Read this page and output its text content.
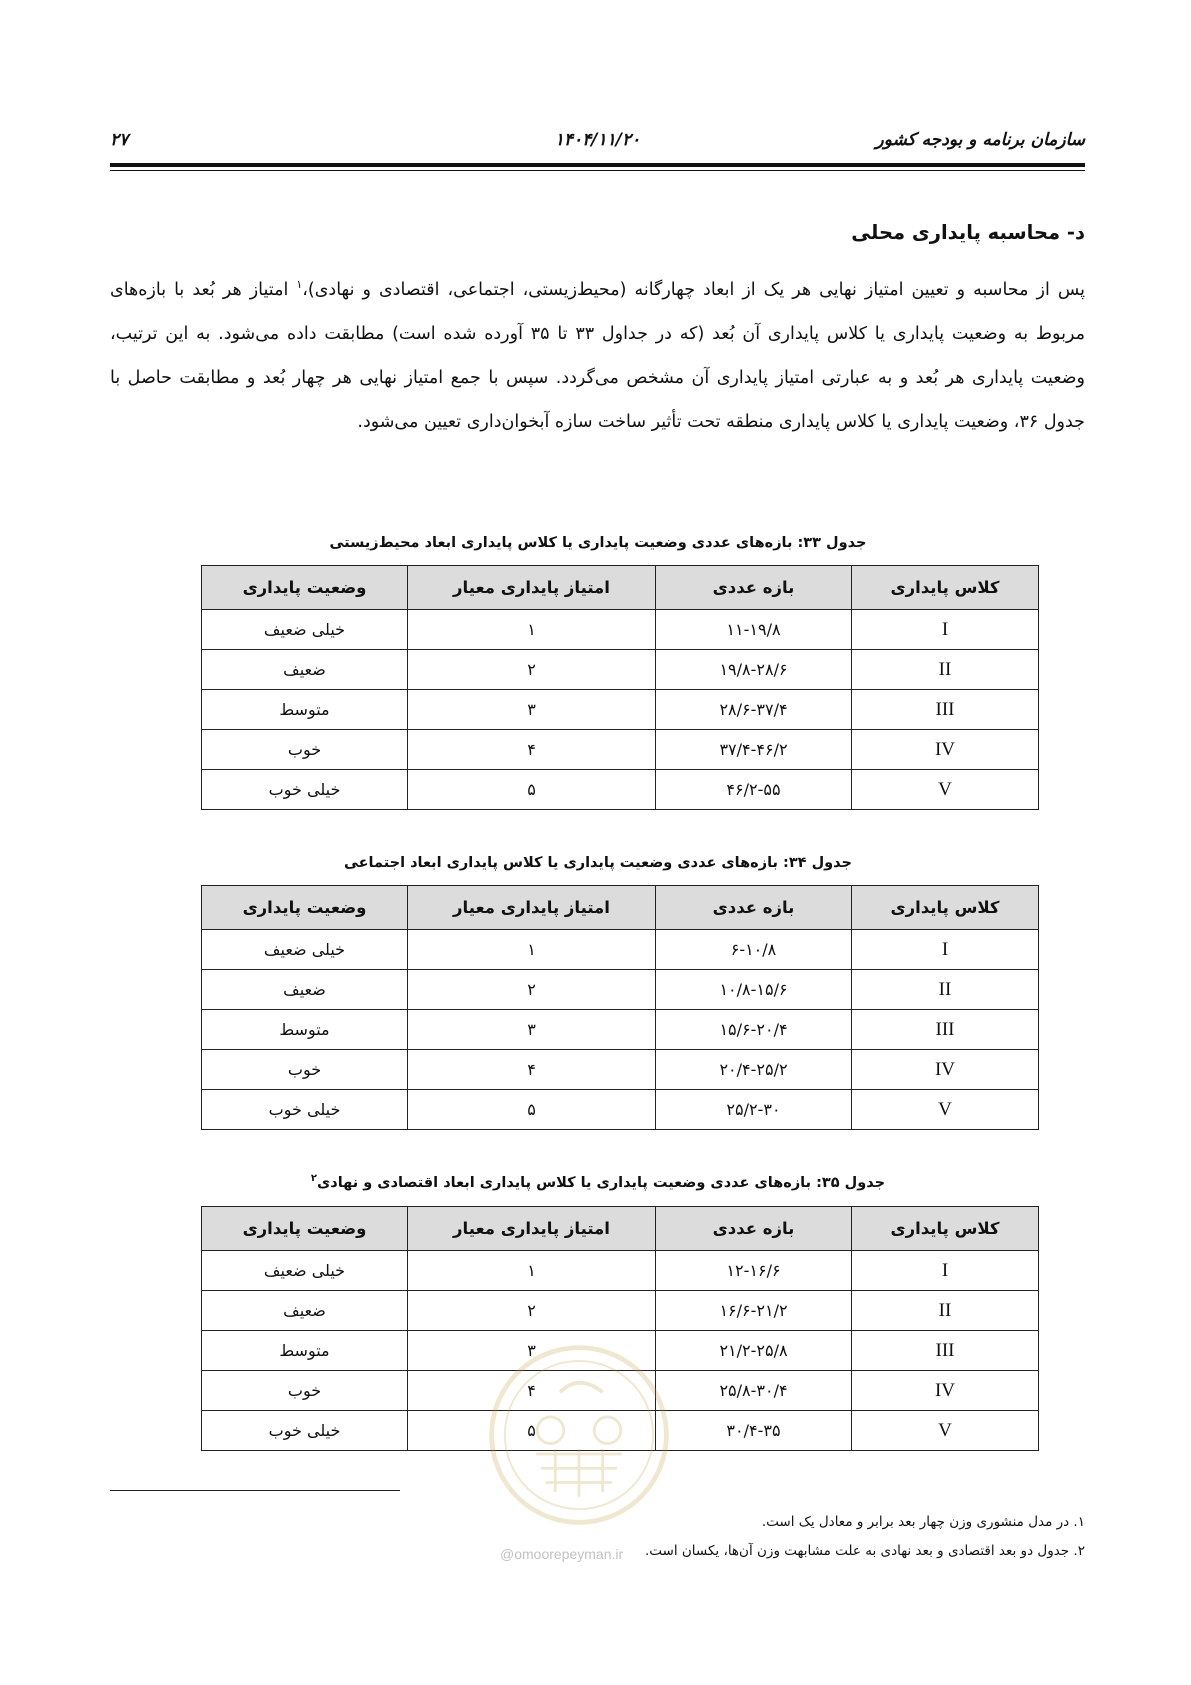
سازمان برنامه و بودجه کشور
۱۴۰۴/۱۱/۲۰
۲۷
د- محاسبه پایداری محلی
پس از محاسبه و تعیین امتیاز نهایی هر یک از ابعاد چهارگانه (محیط‌زیستی، اجتماعی، اقتصادی و نهادی)،$^۱$ امتیاز هر بُعد با بازه‌های مربوط به وضعیت پایداری یا کلاس پایداری آن بُعد (که در جداول ۳۳ تا ۳۵ آورده شده است) مطابقت داده می‌شود. به این ترتیب، وضعیت پایداری هر بُعد و به عبارتی امتیاز پایداری آن مشخص می‌گردد. سپس با جمع امتیاز نهایی هر چهار بُعد و مطابقت حاصل با جدول ۳۶، وضعیت پایداری یا کلاس پایداری منطقه تحت تأثیر ساخت سازه آبخوان‌داری تعیین می‌شود.
جدول ۳۳: بازه‌های عددی وضعیت پایداری یا کلاس پایداری ابعاد محیط‌زیستی
کلاس پایداری	بازه عددی	امتیاز پایداری معیار	وضعیت پایداری
I	۱۱-۱۹/۸	۱	خیلی ضعیف
II	۱۹/۸-۲۸/۶	۲	ضعیف
III	۲۸/۶-۳۷/۴	۳	متوسط
IV	۳۷/۴-۴۶/۲	۴	خوب
V	۴۶/۲-۵۵	۵	خیلی خوب
جدول ۳۴: بازه‌های عددی وضعیت پایداری یا کلاس پایداری ابعاد اجتماعی
کلاس پایداری	بازه عددی	امتیاز پایداری معیار	وضعیت پایداری
I	۶-۱۰/۸	۱	خیلی ضعیف
II	۱۰/۸-۱۵/۶	۲	ضعیف
III	۱۵/۶-۲۰/۴	۳	متوسط
IV	۲۰/۴-۲۵/۲	۴	خوب
V	۲۵/۲-۳۰	۵	خیلی خوب
جدول ۳۵: بازه‌های عددی وضعیت پایداری یا کلاس پایداری ابعاد اقتصادی و نهادی$^۲$
کلاس پایداری	بازه عددی	امتیاز پایداری معیار	وضعیت پایداری
I	۱۲-۱۶/۶	۱	خیلی ضعیف
II	۱۶/۶-۲۱/۲	۲	ضعیف
III	۲۱/۲-۲۵/۸	۳	متوسط
IV	۲۵/۸-۳۰/۴	۴	خوب
V	۳۰/۴-۳۵	۵	خیلی خوب
@omoorepeyman.ir
۱. در مدل منشوری وزن چهار بعد برابر و معادل یک است.
۲. جدول دو بعد اقتصادی و بعد نهادی به علت مشابهت وزن آن‌ها، یکسان است.
